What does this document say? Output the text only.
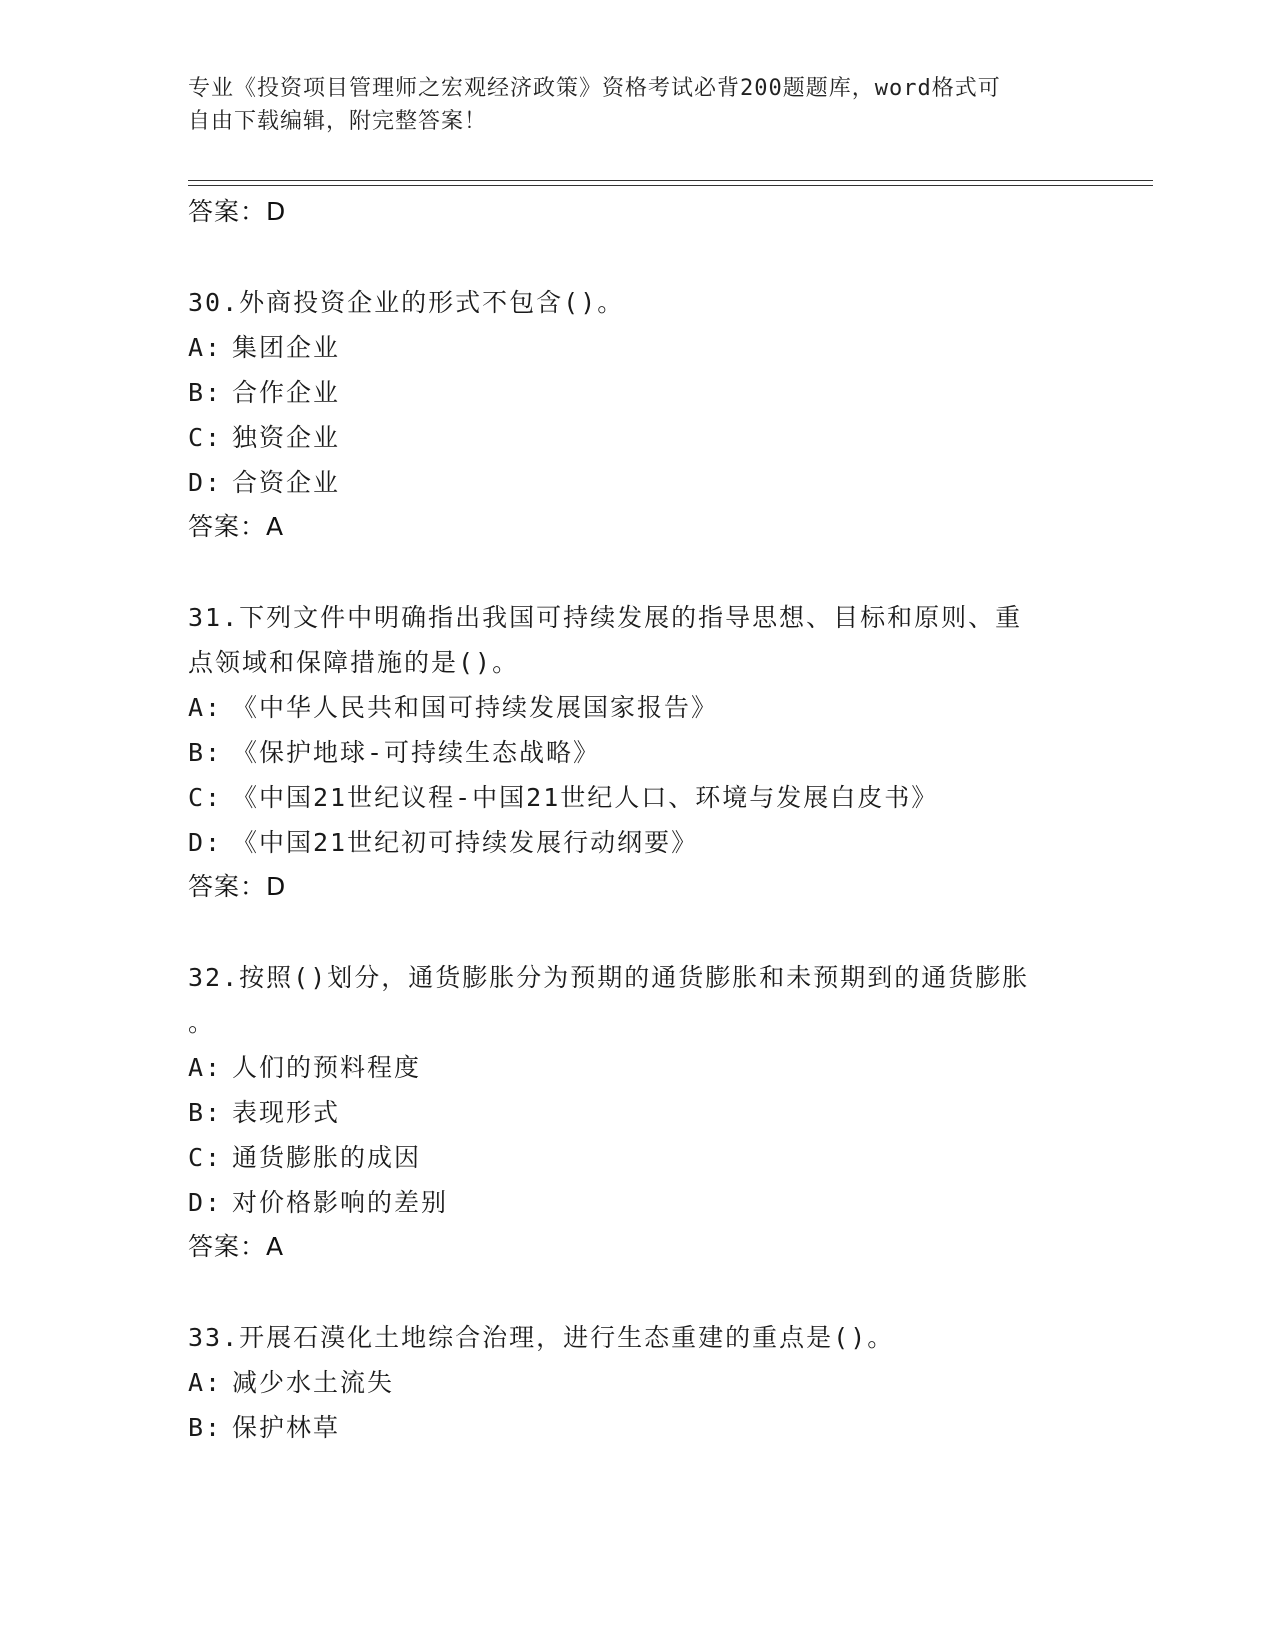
专业《投资项目管理师之宏观经济政策》资格考试必背200题题库，word格式可
自由下载编辑，附完整答案！

答案：D

30.外商投资企业的形式不包含()。

A: 集团企业

B: 合作企业

C: 独资企业

D: 合资企业

答案：A

31.下列文件中明确指出我国可持续发展的指导思想、目标和原则、重

点领域和保障措施的是()。

A: 《中华人民共和国可持续发展国家报告》

B: 《保护地球-可持续生态战略》

C: 《中国21世纪议程-中国21世纪人口、环境与发展白皮书》

D: 《中国21世纪初可持续发展行动纲要》

答案：D

32.按照()划分，通货膨胀分为预期的通货膨胀和未预期到的通货膨胀

。

A: 人们的预料程度

B: 表现形式

C: 通货膨胀的成因

D: 对价格影响的差别

答案：A

33.开展石漠化土地综合治理，进行生态重建的重点是()。

A: 减少水土流失

B: 保护林草
